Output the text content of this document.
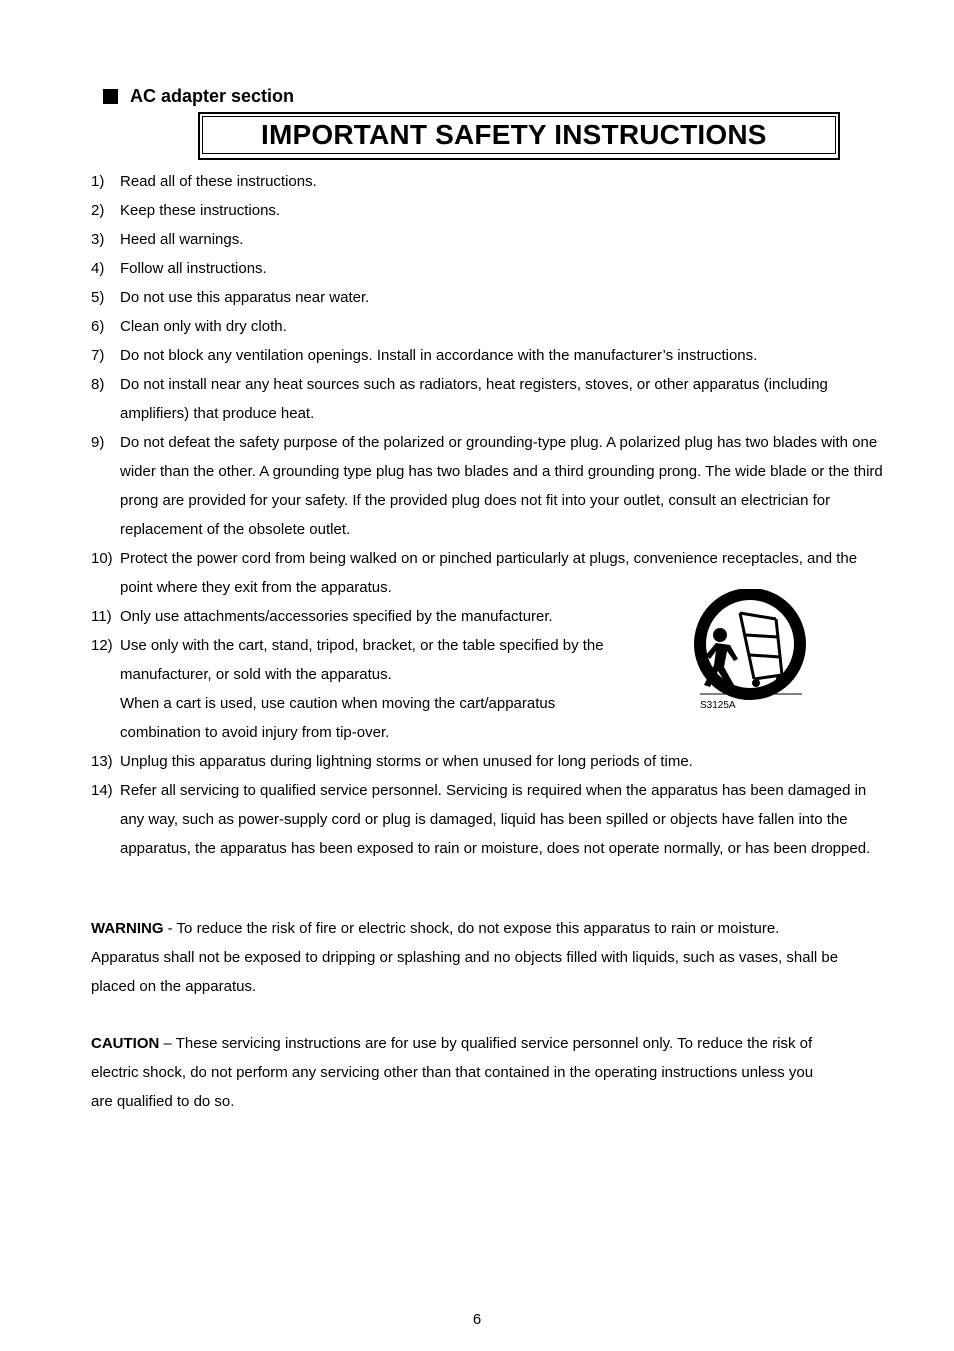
AC adapter section
IMPORTANT SAFETY INSTRUCTIONS
1) Read all of these instructions.
2) Keep these instructions.
3) Heed all warnings.
4) Follow all instructions.
5) Do not use this apparatus near water.
6) Clean only with dry cloth.
7) Do not block any ventilation openings. Install in accordance with the manufacturer’s instructions.
8) Do not install near any heat sources such as radiators, heat registers, stoves, or other apparatus (including amplifiers) that produce heat.
9) Do not defeat the safety purpose of the polarized or grounding-type plug. A polarized plug has two blades with one wider than the other. A grounding type plug has two blades and a third grounding prong. The wide blade or the third prong are provided for your safety. If the provided plug does not fit into your outlet, consult an electrician for replacement of the obsolete outlet.
10) Protect the power cord from being walked on or pinched particularly at plugs, convenience receptacles, and the point where they exit from the apparatus.
11) Only use attachments/accessories specified by the manufacturer.
12) Use only with the cart, stand, tripod, bracket, or the table specified by the manufacturer, or sold with the apparatus.
When a cart is used, use caution when moving the cart/apparatus combination to avoid injury from tip-over.
13) Unplug this apparatus during lightning storms or when unused for long periods of time.
14) Refer all servicing to qualified service personnel. Servicing is required when the apparatus has been damaged in any way, such as power-supply cord or plug is damaged, liquid has been spilled or objects have fallen into the apparatus, the apparatus has been exposed to rain or moisture, does not operate normally, or has been dropped.
S3125A
WARNING - To reduce the risk of fire or electric shock, do not expose this apparatus to rain or moisture. Apparatus shall not be exposed to dripping or splashing and no objects filled with liquids, such as vases, shall be placed on the apparatus.
CAUTION – These servicing instructions are for use by qualified service personnel only. To reduce the risk of electric shock, do not perform any servicing other than that contained in the operating instructions unless you are qualified to do so.
6
